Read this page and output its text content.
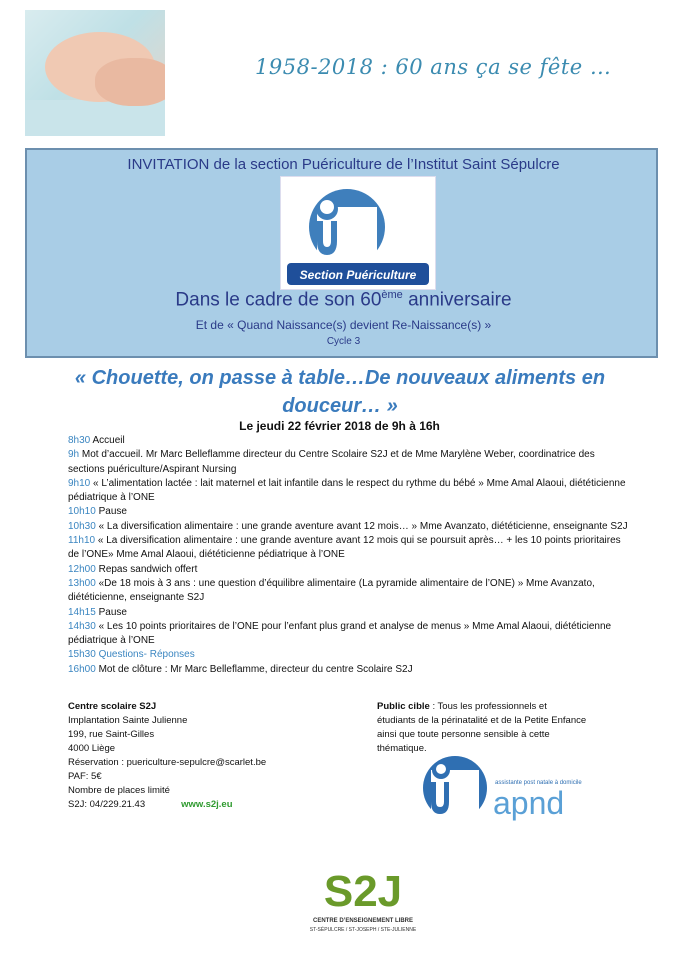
1958-2018 : 60 ans ça se fête …
INVITATION de la section Puériculture de l’Institut Saint Sépulcre
Section Puériculture
Dans le cadre de son 60ème anniversaire
Et de « Quand Naissance(s) devient Re-Naissance(s) »
Cycle 3
« Chouette, on passe à table…De nouveaux aliments en douceur… »
Le jeudi 22 février 2018 de 9h à 16h
8h30 Accueil
9h Mot d’accueil. Mr Marc Belleflamme directeur du Centre Scolaire S2J et de Mme Marylène Weber, coordinatrice des sections puériculture/Aspirant Nursing
9h10 « L’alimentation lactée : lait maternel et lait infantile dans le respect du rythme du bébé » Mme Amal Alaoui, diététicienne pédiatrique à l’ONE
10h10 Pause
10h30 « La diversification alimentaire : une grande aventure avant 12 mois… » Mme Avanzato, diététicienne, enseignante S2J
11h10 « La diversification alimentaire : une grande aventure avant 12 mois qui se poursuit après… + les 10 points prioritaires de l’ONE» Mme Amal Alaoui, diététicienne pédiatrique à l’ONE
12h00 Repas sandwich offert
13h00 «De 18 mois à 3 ans : une question d’équilibre alimentaire (La pyramide alimentaire de l’ONE) » Mme Avanzato, diététicienne, enseignante S2J
14h15 Pause
14h30 « Les 10 points prioritaires de l’ONE pour l’enfant plus grand et analyse de menus » Mme Amal Alaoui, diététicienne pédiatrique à l’ONE
15h30 Questions- Réponses
16h00 Mot de clôture : Mr Marc Belleflamme, directeur du centre Scolaire S2J
Centre scolaire S2J
Implantation Sainte Julienne
199, rue Saint-Gilles
4000 Liège
Réservation : puericulture-sepulcre@scarlet.be
PAF: 5€
Nombre de places limité
S2J: 04/229.21.43	www.s2j.eu
Public cible : Tous les professionnels et étudiants de la périnatalité et de la Petite Enfance ainsi que toute personne sensible à cette thématique.
assistante post natale à domicile
apnd
S2J
CENTRE D’ENSEIGNEMENT LIBRE
ST-SÉPULCRE / ST-JOSEPH / STE-JULIENNE
